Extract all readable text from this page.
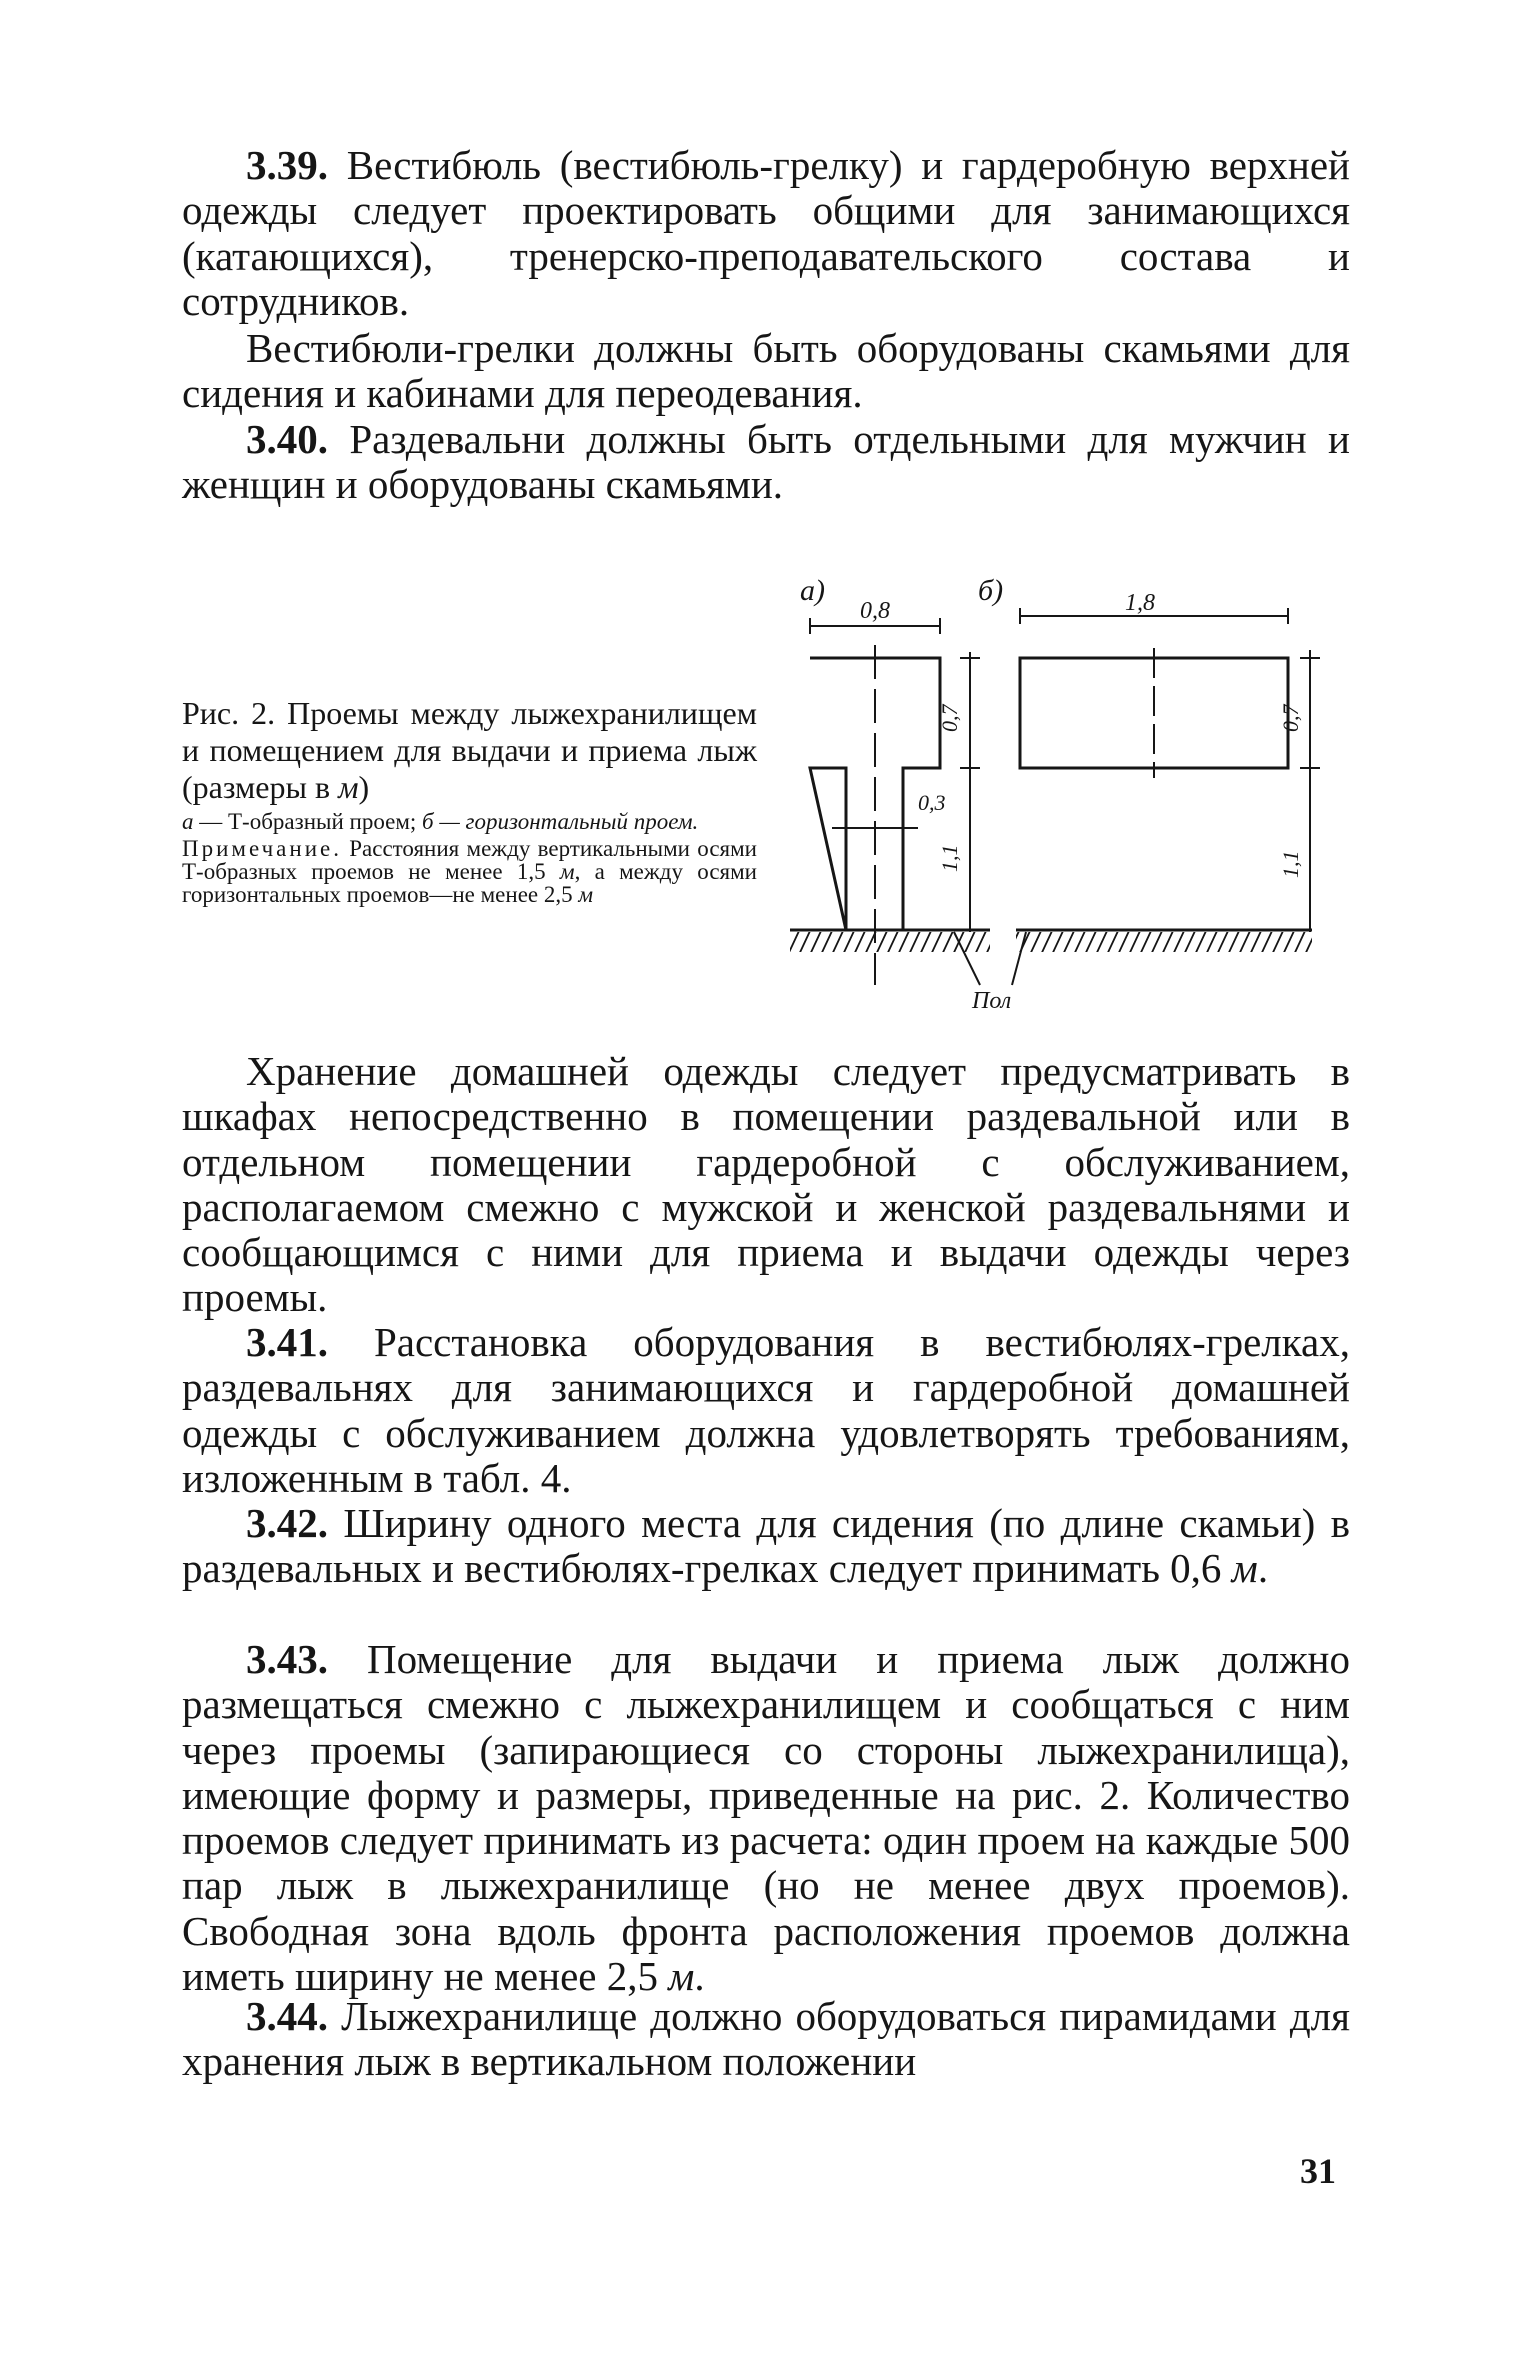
3.39. Вестибюль (вестибюль-грелку) и гардеробную верхней одежды следует проектировать общими для занимающихся (катающихся), тренерско-преподавательского состава и сотрудников.

Вестибюли-грелки должны быть оборудованы скамьями для сидения и кабинами для переодевания.

3.40. Раздевальни должны быть отдельными для мужчин и женщин и оборудованы скамьями.

Рис. 2. Проемы между лыжехранилищем и помещением для выдачи и приема лыж (размеры в м)

а — Т-образный проем; б — горизонтальный проем.

Примечание. Расстояния между вертикальными осями Т-образных проемов не менее 1,5 м, а между осями горизонтальных проемов—не менее 2,5 м

а)	б)
0,8	1,8
0,3
0,7
1,1
0,7
1,1
Пол

Хранение домашней одежды следует предусматривать в шкафах непосредственно в помещении раздевальной или в отдельном помещении гардеробной с обслуживанием, располагаемом смежно с мужской и женской раздевальнями и сообщающимся с ними для приема и выдачи одежды через проемы.

3.41. Расстановка оборудования в вестибюлях-грелках, раздевальнях для занимающихся и гардеробной домашней одежды с обслуживанием должна удовлетворять требованиям, изложенным в табл. 4.

3.42. Ширину одного места для сидения (по длине скамьи) в раздевальных и вестибюлях-грелках следует принимать 0,6 м.

3.43. Помещение для выдачи и приема лыж должно размещаться смежно с лыжехранилищем и сообщаться с ним через проемы (запирающиеся со стороны лыжехранилища), имеющие форму и размеры, приведенные на рис. 2. Количество проемов следует принимать из расчета: один проем на каждые 500 пар лыж в лыжехранилище (но не менее двух проемов). Свободная зона вдоль фронта расположения проемов должна иметь ширину не менее 2,5 м.

3.44. Лыжехранилище должно оборудоваться пирамидами для хранения лыж в вертикальном положении

31
